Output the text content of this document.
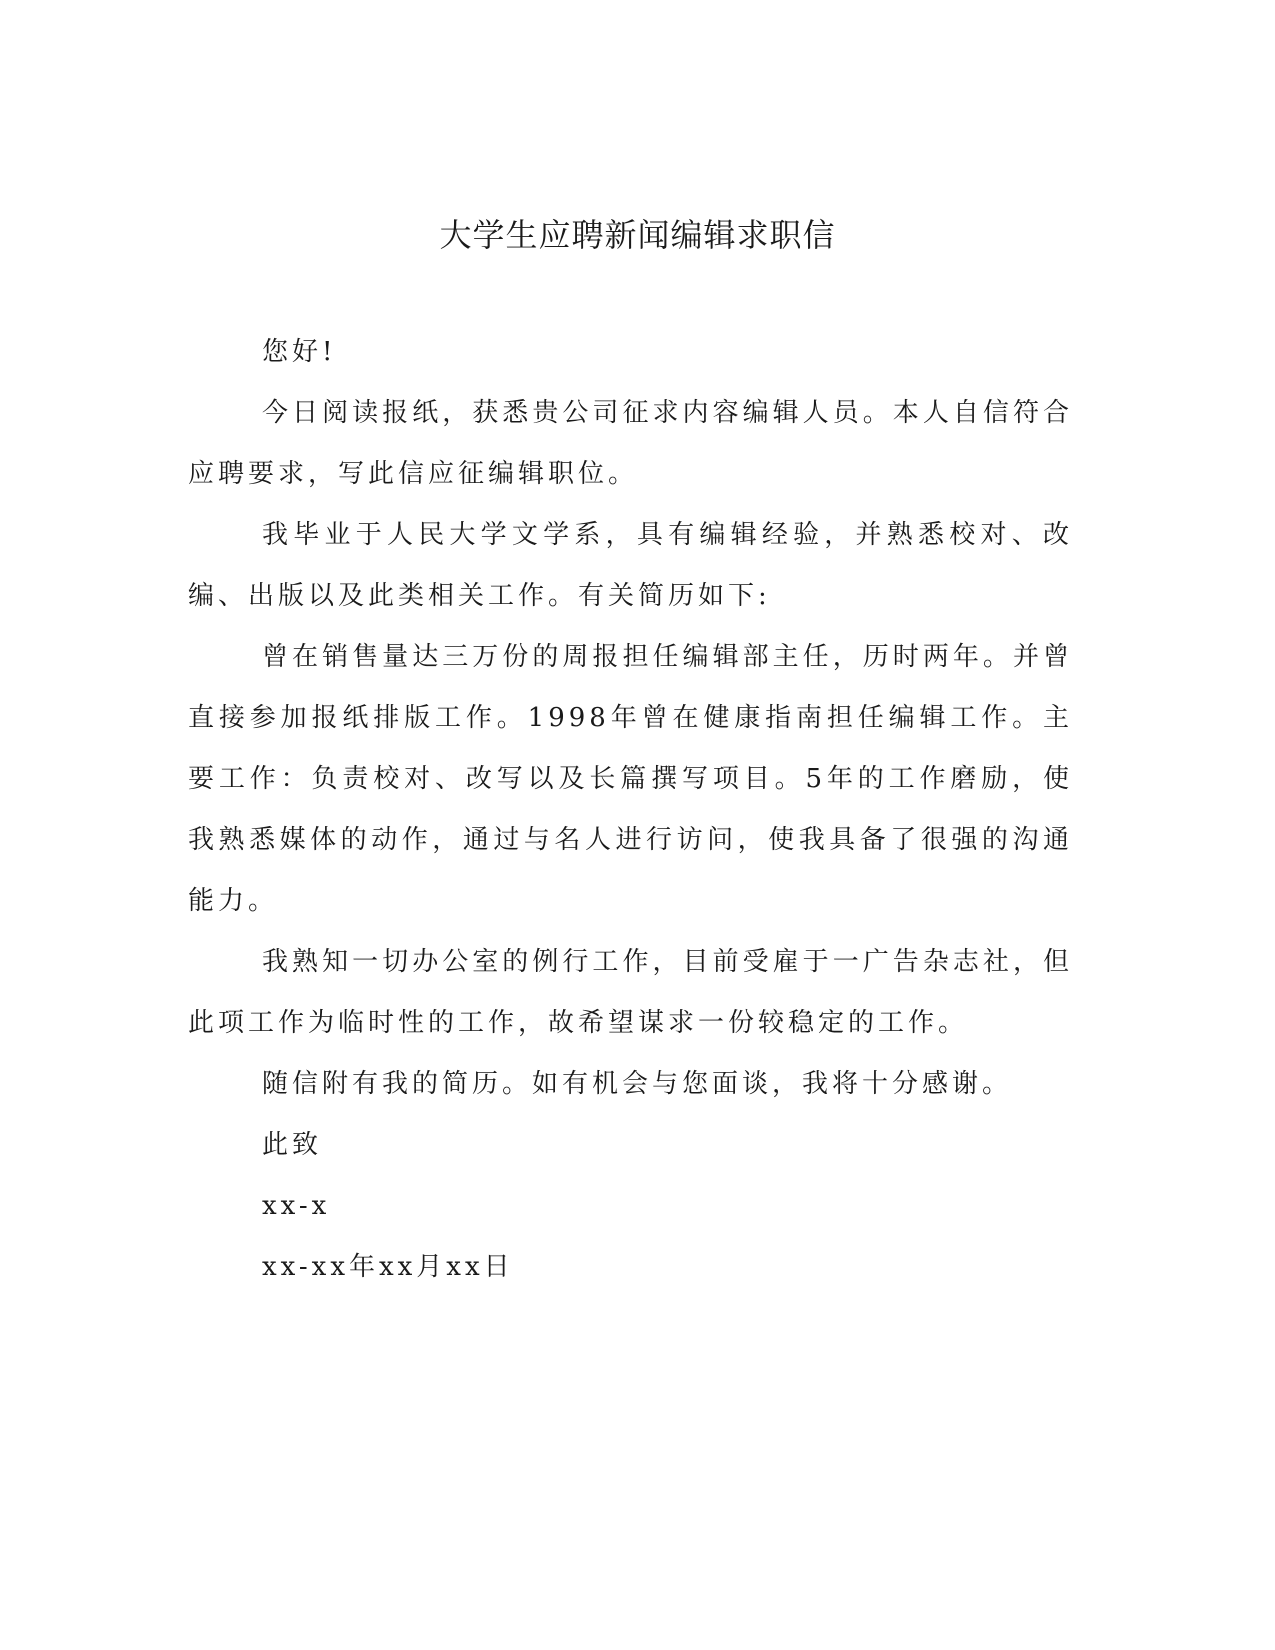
大学生应聘新闻编辑求职信

您好!

今日阅读报纸，获悉贵公司征求内容编辑人员。本人自信符合应聘要求，写此信应征编辑职位。

我毕业于人民大学文学系，具有编辑经验，并熟悉校对、改编、出版以及此类相关工作。有关简历如下:

曾在销售量达三万份的周报担任编辑部主任，历时两年。并曾直接参加报纸排版工作。1998年曾在健康指南担任编辑工作。主要工作：负责校对、改写以及长篇撰写项目。5年的工作磨励，使我熟悉媒体的动作，通过与名人进行访问，使我具备了很强的沟通能力。

我熟知一切办公室的例行工作，目前受雇于一广告杂志社，但此项工作为临时性的工作，故希望谋求一份较稳定的工作。

随信附有我的简历。如有机会与您面谈，我将十分感谢。

此致

xx-x

xx-xx年xx月xx日
